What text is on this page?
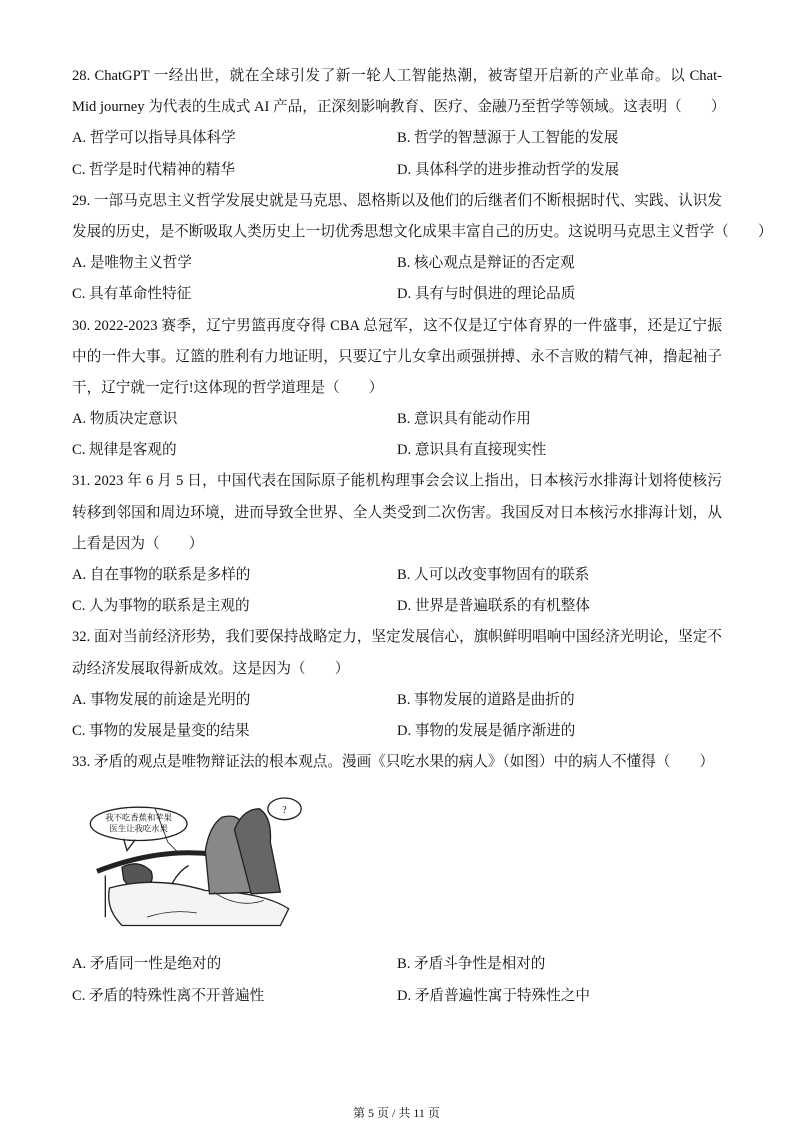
28. ChatGPT 一经出世，就在全球引发了新一轮人工智能热潮，被寄望开启新的产业革命。以 Chat-
Mid journey 为代表的生成式 AI 产品，正深刻影响教育、医疗、金融乃至哲学等领域。这表明（　　）
A. 哲学可以指导具体科学	B. 哲学的智慧源于人工智能的发展
C. 哲学是时代精神的精华	D. 具体科学的进步推动哲学的发展
29. 一部马克思主义哲学发展史就是马克思、恩格斯以及他们的后继者们不断根据时代、实践、认识发
发展的历史，是不断吸取人类历史上一切优秀思想文化成果丰富自己的历史。这说明马克思主义哲学（　　）
A. 是唯物主义哲学	B. 核心观点是辩证的否定观
C. 具有革命性特征	D. 具有与时俱进的理论品质
30. 2022-2023 赛季，辽宁男篮再度夺得 CBA 总冠军，这不仅是辽宁体育界的一件盛事，还是辽宁振
中的一件大事。辽篮的胜利有力地证明，只要辽宁儿女拿出顽强拼搏、永不言败的精气神，撸起袖子
干，辽宁就一定行!这体现的哲学道理是（　　）
A. 物质决定意识	B. 意识具有能动作用
C. 规律是客观的	D. 意识具有直接现实性
31. 2023 年 6 月 5 日，中国代表在国际原子能机构理事会会议上指出，日本核污水排海计划将使核污
转移到邻国和周边环境，进而导致全世界、全人类受到二次伤害。我国反对日本核污水排海计划，从
上看是因为（　　）
A. 自在事物的联系是多样的	B. 人可以改变事物固有的联系
C. 人为事物的联系是主观的	D. 世界是普遍联系的有机整体
32. 面对当前经济形势，我们要保持战略定力，坚定发展信心，旗帜鲜明唱响中国经济光明论，坚定不
动经济发展取得新成效。这是因为（　　）
A. 事物发展的前途是光明的	B. 事物发展的道路是曲折的
C. 事物的发展是量变的结果	D. 事物的发展是循序渐进的
33. 矛盾的观点是唯物辩证法的根本观点。漫画《只吃水果的病人》（如图）中的病人不懂得（　　）
我不吃香蕉和苹果
医生让我吃水果
?
A. 矛盾同一性是绝对的	B. 矛盾斗争性是相对的
C. 矛盾的特殊性离不开普遍性	D. 矛盾普遍性寓于特殊性之中
第 5 页 / 共 11 页
